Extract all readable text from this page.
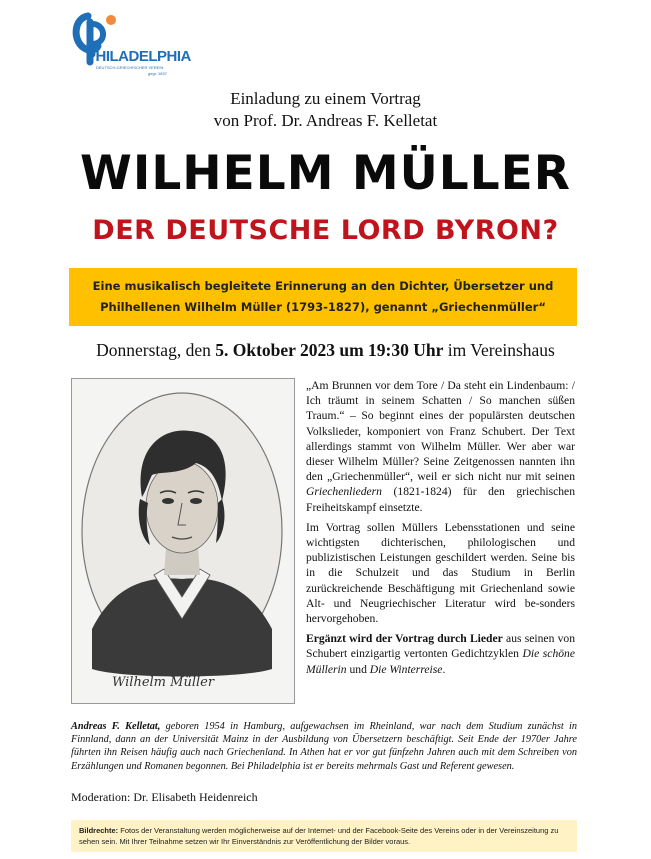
PHILADELPHIA
DEUTSCH-GRIECHISCHER VEREIN
gegr. 1837
Einladung zu einem Vortrag
von Prof. Dr. Andreas F. Kelletat
WILHELM MÜLLER
DER DEUTSCHE LORD BYRON?
Eine musikalisch begleitete Erinnerung an den Dichter, Übersetzer und
Philhellenen Wilhelm Müller (1793-1827), genannt „Griechenmüller“
Donnerstag, den 5. Oktober 2023 um 19:30 Uhr im Vereinshaus
Wilhelm Müller

„Am Brunnen vor dem Tore / Da steht ein Lindenbaum: / Ich träumt in seinem Schatten / So manchen süßen Traum.“ – So beginnt eines der populärsten deutschen Volkslieder, komponiert von Franz Schubert. Der Text allerdings stammt von Wilhelm Müller. Wer aber war dieser Wilhelm Müller? Seine Zeitgenossen nannten ihn den „Griechenmüller“, weil er sich nicht nur mit seinen Griechenliedern (1821-1824) für den griechischen Freiheitskampf einsetzte.

Im Vortrag sollen Müllers Lebensstationen und seine wichtigsten dichterischen, philologischen und publizistischen Leistungen geschildert werden. Seine bis in die Schulzeit und das Studium in Berlin zurückreichende Beschäftigung mit Griechenland sowie Alt- und Neugriechischer Literatur wird be-sonders hervorgehoben.

Ergänzt wird der Vortrag durch Lieder aus seinen von Schubert einzigartig vertonten Gedichtzyklen Die schöne Müllerin und Die Winterreise.

Andreas F. Kelletat, geboren 1954 in Hamburg, aufgewachsen im Rheinland, war nach dem Studium zunächst in Finnland, dann an der Universität Mainz in der Ausbildung von Übersetzern beschäftigt. Seit Ende der 1970er Jahre führten ihn Reisen häufig auch nach Griechenland. In Athen hat er vor gut fünfzehn Jahren auch mit dem Schreiben von Erzählungen und Romanen begonnen. Bei Philadelphia ist er bereits mehrmals Gast und Referent gewesen.
Moderation: Dr. Elisabeth Heidenreich
Bildrechte: Fotos der Veranstaltung werden möglicherweise auf der Internet- und der Facebook-Seite des Vereins oder in der Vereinszeitung zu sehen sein. Mit Ihrer Teilnahme setzen wir Ihr Einverständnis zur Veröffentlichung der Bilder voraus.
